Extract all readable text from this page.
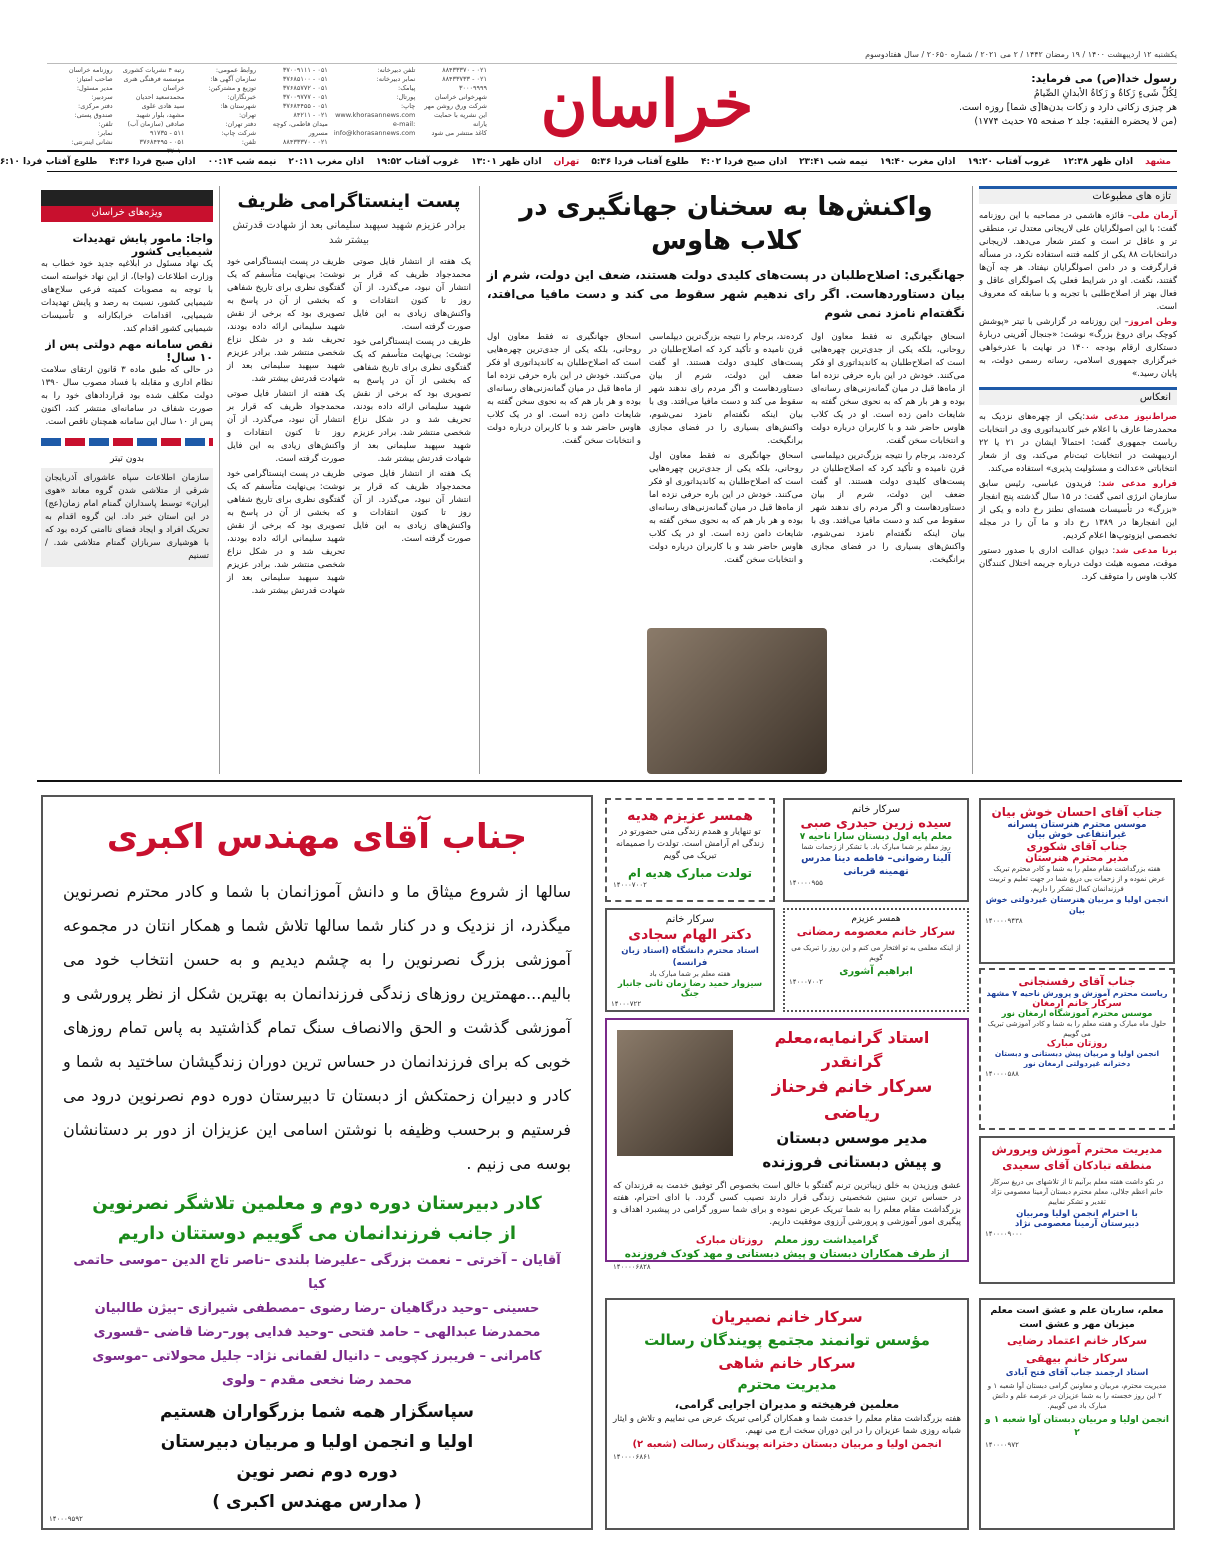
یکشنبه ۱۲ اردیبهشت ۱۴۰۰ / ۱۹ رمضان ۱۴۴۲ / ۲ می ۲۰۲۱ / شماره ۲۰۶۵۰ / سال هفتادوسوم
خراسان	رسول خدا(ص) می فرماید:
لِكُلِّ شَیءٍ زَكاةٌ و زَكاةُ الأبدانِ الصِّیامُ
هر چیزی زکاتی دارد و زکات بدن‌ها[ی شما] روزه است.
(من لا یحضره الفقیه: جلد ۲ صفحه ۷۵ حدیث ۱۷۷۴)
روزنامه خراسان
صاحب امتیاز:
مدیر مسئول:
سردبیر:
دفتر مرکزی:
صندوق پستی:
تلفن:
نمابر:
نشانی اینترنتی:
رتبه ۴ نشریات کشوری
موسسه فرهنگی هنری خراسان
محمدسعید احدیان
سید هادی علوی
مشهد، بلوار شهید صادقی (سازمان آب)
۵۱۱ - ۹۱۷۳۵
۰۵۱ - ۳۷۶۸۴۴۹۵
۳۷۰۱۰
روابط عمومی:
سازمان آگهی ها:
توزیع و مشترکین:
خبرنگاران:
شهرستان ها:
تهران:
دفتر تهران:
شرکت چاپ:
تلفن:
۰۵۱ - ۳۷۰۰۹۱۱۱
۰۵۱ - ۳۷۶۸۵۱۰۰
۰۵۱ - ۳۷۶۸۵۷۷۲
۰۵۱ - ۳۷۰۰۹۷۷۷
۰۵۱ - ۳۷۶۸۴۴۵۵
۰۲۱ - ۸۴۲۱۱
میدان فاطمی، کوچه مسرور
۰۲۱ - ۸۸۴۳۳۳۷۰
تلفن دبیرخانه:
نمابر دبیرخانه:
پیامک:
پورتال:
چاپ:
www.khorasannews.com
e-mail: info@khorasannews.com
۰۲۱ - ۸۸۴۳۳۳۷۰
۰۲۱ - ۸۸۴۳۳۷۳۳
۳۰۰۰۹۹۹۹
شهرخوانی خراسان
شرکت ورق روشن مهر
این نشریه با حمایت یارانه
کاغذ منتشر می شود
مشهد
اذان ظهر ۱۲:۳۸
غروب آفتاب ۱۹:۲۰
اذان مغرب ۱۹:۴۰
نیمه شب ۲۳:۴۱
اذان صبح فردا ۴:۰۲
طلوع آفتاب فردا ۵:۳۶
تهران
اذان ظهر ۱۳:۰۱
غروب آفتاب ۱۹:۵۲
اذان مغرب ۲۰:۱۱
نیمه شب ۰۰:۱۴
اذان صبح فردا ۴:۳۶
طلوع آفتاب فردا ۶:۱۰
تازه های مطبوعات

آرمان ملی– فائزه هاشمی در مصاحبه با این روزنامه گفت: با این اصولگرایان علی لاریجانی معتدل تر، منطقی تر و عاقل تر است و کمتر شعار می‌دهد. لاریجانی درانتخابات ۸۸ یکی از کلمه فتنه استفاده نکرد، در مسأله قرارگرفت و در دامن اصولگرایان نیفتاد. هر چه آن‌ها گفتند، نگفت. او در شرایط فعلی یک اصولگرای عاقل و فعال بهتر از اصلاح‌طلبی با تجربه و با سابقه که معروف است.

وطن امروز– این روزنامه در گزارشی با تیتر «پوشش کوچک برای دروغ بزرگ» نوشت: «جنجال آفرینی دربارۀ دستکاری ارقام بودجه ۱۴۰۰ در نهایت با عذرخواهی خبرگزاری جمهوری اسلامی، رسانه رسمی دولت، به پایان رسید.»

انعکاس

صراط‌نیوز مدعی شد:یکی از چهره‌های نزدیک به محمدرضا عارف با اعلام خبر کاندیداتوری وی در انتخابات ریاست جمهوری گفت: احتمالاً ایشان در ۲۱ یا ۲۲ اردیبهشت در انتخابات ثبت‌نام می‌کند، وی از شعار انتخاباتی «عدالت و مسئولیت پذیری» استفاده می‌کند.

فرارو مدعی شد: فریدون عباسی، رئیس سابق سازمان انرژی اتمی گفت: در ۱۵ سال گذشته پنج انفجار «بزرگ» در تأسیسات هسته‌ای نطنز رخ داده و یکی از این انفجارها در ۱۳۸۹ رخ داد و ما آن را در مجله تخصصی ایزوتوپ‌ها اعلام کردیم.

برنا مدعی شد: دیوان عدالت اداری با صدور دستور موقت، مصوبه هیئت دولت درباره جریمه اختلال کنندگان کلاب هاوس را متوقف کرد.

واکنش‌ها به سخنان جهانگیری در کلاب هاوس
جهانگیری: اصلاح‌طلبان در پست‌های کلیدی دولت هستند، ضعف این دولت، شرم از بیان دستاوردهاست. اگر رای ندهیم شهر سقوط می کند و دست مافیا می‌افتد، نگفته‌ام نامزد نمی شوم

اسحاق جهانگیری نه فقط معاون اول روحانی، بلکه یکی از جدی‌ترین چهره‌هایی است که اصلاح‌طلبان به کاندیداتوری او فکر می‌کنند. خودش در این باره حرفی نزده اما از ماه‌ها قبل در میان گمانه‌زنی‌های رسانه‌ای بوده و هر بار هم که به نحوی سخن گفته به شایعات دامن زده است. او در یک کلاب هاوس حاضر شد و با کاربران درباره دولت و انتخابات سخن گفت.

کرده‌ند، برجام را نتیجه بزرگ‌ترین دیپلماسی قرن نامیده و تأکید کرد که اصلاح‌طلبان در پست‌های کلیدی دولت هستند. او گفت ضعف این دولت، شرم از بیان دستاوردهاست و اگر مردم رای ندهند شهر سقوط می کند و دست مافیا می‌افتد. وی با بیان اینکه نگفته‌ام نامزد نمی‌شوم، واکنش‌های بسیاری را در فضای مجازی برانگیخت.

کرده‌ند، برجام را نتیجه بزرگ‌ترین دیپلماسی قرن نامیده و تأکید کرد که اصلاح‌طلبان در پست‌های کلیدی دولت هستند. او گفت ضعف این دولت، شرم از بیان دستاوردهاست و اگر مردم رای ندهند شهر سقوط می کند و دست مافیا می‌افتد. وی با بیان اینکه نگفته‌ام نامزد نمی‌شوم، واکنش‌های بسیاری را در فضای مجازی برانگیخت.

اسحاق جهانگیری نه فقط معاون اول روحانی، بلکه یکی از جدی‌ترین چهره‌هایی است که اصلاح‌طلبان به کاندیداتوری او فکر می‌کنند. خودش در این باره حرفی نزده اما از ماه‌ها قبل در میان گمانه‌زنی‌های رسانه‌ای بوده و هر بار هم که به نحوی سخن گفته به شایعات دامن زده است. او در یک کلاب هاوس حاضر شد و با کاربران درباره دولت و انتخابات سخن گفت.

اسحاق جهانگیری نه فقط معاون اول روحانی، بلکه یکی از جدی‌ترین چهره‌هایی است که اصلاح‌طلبان به کاندیداتوری او فکر می‌کنند. خودش در این باره حرفی نزده اما از ماه‌ها قبل در میان گمانه‌زنی‌های رسانه‌ای بوده و هر بار هم که به نحوی سخن گفته به شایعات دامن زده است. او در یک کلاب هاوس حاضر شد و با کاربران درباره دولت و انتخابات سخن گفت.

پست اینستاگرامی ظریف
برادر عزیزم شهید سپهبد سلیمانی بعد از شهادت قدرتش بیشتر شد

یک هفته از انتشار فایل صوتی محمدجواد ظریف که قرار بر انتشار آن نبود، می‌گذرد. از آن روز تا کنون انتقادات و واکنش‌های زیادی به این فایل صورت گرفته است.

ظریف در پست اینستاگرامی خود نوشت: بی‌نهایت متأسفم که یک گفتگوی نظری برای تاریخ شفاهی که بخشی از آن در پاسخ به تصویری بود که برخی از نقش شهید سلیمانی ارائه داده بودند، تحریف شد و در شکل نزاع شخصی منتشر شد. برادر عزیزم شهید سپهبد سلیمانی بعد از شهادت قدرتش بیشتر شد.

یک هفته از انتشار فایل صوتی محمدجواد ظریف که قرار بر انتشار آن نبود، می‌گذرد. از آن روز تا کنون انتقادات و واکنش‌های زیادی به این فایل صورت گرفته است.

ظریف در پست اینستاگرامی خود نوشت: بی‌نهایت متأسفم که یک گفتگوی نظری برای تاریخ شفاهی که بخشی از آن در پاسخ به تصویری بود که برخی از نقش شهید سلیمانی ارائه داده بودند، تحریف شد و در شکل نزاع شخصی منتشر شد. برادر عزیزم شهید سپهبد سلیمانی بعد از شهادت قدرتش بیشتر شد.

یک هفته از انتشار فایل صوتی محمدجواد ظریف که قرار بر انتشار آن نبود، می‌گذرد. از آن روز تا کنون انتقادات و واکنش‌های زیادی به این فایل صورت گرفته است.

ظریف در پست اینستاگرامی خود نوشت: بی‌نهایت متأسفم که یک گفتگوی نظری برای تاریخ شفاهی که بخشی از آن در پاسخ به تصویری بود که برخی از نقش شهید سلیمانی ارائه داده بودند، تحریف شد و در شکل نزاع شخصی منتشر شد. برادر عزیزم شهید سپهبد سلیمانی بعد از شهادت قدرتش بیشتر شد.

ویژه‌های خراسان
واجا: مامور پایش تهدیدات شیمیایی کشور

یک نهاد مسئول در ابلاغیه جدید خود خطاب به وزارت اطلاعات (واجا)، از این نهاد خواسته است با توجه به مصوبات کمیته فرعی سلاح‌های شیمیایی کشور، نسبت به رصد و پایش تهدیدات شیمیایی، اقدامات خرابکارانه و تأسیسات شیمیایی کشور اقدام کند.

نقص سامانه مهم دولتی پس از ۱۰ سال!

در حالی که طبق ماده ۳ قانون ارتقای سلامت نظام اداری و مقابله با فساد مصوب سال ۱۳۹۰ دولت مکلف شده بود قراردادهای خود را به صورت شفاف در سامانه‌ای منتشر کند، اکنون پس از ۱۰ سال این سامانه همچنان ناقص است.

بدون تیتر

سازمان اطلاعات سپاه عاشورای آذربایجان شرقی از متلاشی شدن گروه معاند «هوی ایران» توسط پاسداران گمنام امام زمان(عج) در این استان خبر داد. این گروه اقدام به تحریک افراد و ایجاد فضای ناامنی کرده بود که با هوشیاری سربازان گمنام متلاشی شد. /تسنیم

جناب آقای مهندس اکبری
سالها از شروع میثاق ما و دانش آموزانمان با شما و کادر محترم نصرنوین میگذرد، از نزدیک و در کنار شما سالها تلاش شما و همکار انتان در مجموعه آموزشی بزرگ نصرنوین را به چشم دیدیم و به حسن انتخاب خود می بالیم...مهمترین روزهای زندگی فرزندانمان به بهترین شکل از نظر پرورشی و آموزشی گذشت و الحق والانصاف سنگ تمام گذاشتید به پاس تمام روزهای خوبی که برای فرزندانمان در حساس ترین دوران زندگیشان ساختید به شما و کادر و دبیران زحمتکش از دبستان تا دبیرستان دوره دوم نصرنوین درود می فرستیم و برحسب وظیفه با نوشتن اسامی این عزیزان از دور بر دستانشان بوسه می زنیم .
کادر دبیرستان دوره دوم و معلمین تلاشگر نصرنوین
از جانب فرزندانمان می گوییم دوستتان داریم
آقایان – آخرتی – نعمت بزرگی –علیرضا بلندی –ناصر تاج الدین –موسی حاتمی کیا
حسینی –وحید درگاهیان –رضا رضوی –مصطفی شیرازی –بیژن طالبیان
محمدرضا عبدالهی – حامد فتحی –وحید فدایی پور–رضا قاضی –قسوری
کامرانی – فریبرز کچویی – دانیال لقمانی نژاد– جلیل محولاتی –موسوی
محمد رضا نخعی مقدم – ولوی
سپاسگزار همه شما بزرگواران هستیم
اولیا و انجمن اولیا و مربیان دبیرستان
دوره دوم نصر نوین
( مدارس مهندس اکبری )
۱۴۰۰۰۹۵۹۲
همسر عزیزم هدیه
تو تنهایار و همدم زندگی منی حضورتو در زندگی ام آرامش است. تولدت را صمیمانه تبریک می گویم
تولدت مبارک هدیه ام
۱۴۰۰۰۷۰۰۲
سرکار خانم
سیده زرین حیدری صبی
معلم پایه اول دبستان سارا ناحیه ۷
روز معلم بر شما مبارک باد. با تشکر از زحمات شما
آلینا رضوانی– فاطمه دینا مدرس تهمینه قربانی
۱۴۰۰۰۰۹۵۵
جناب آقای احسان خوش بیان
موسس محترم هنرستان پسرانه غیرانتفاعی خوش بیان
جناب آقای شکوری
مدیر محترم هنرستان
هفته بزرگداشت مقام معلم را به شما و کادر محترم تبریک عرض نموده و از زحمات بی دریغ شما در جهت تعلیم و تربیت فرزندانمان کمال تشکر را داریم.
انجمن اولیا و مربیان هنرستان غیردولتی خوش بیان
۱۴۰۰۰۰۹۴۳۸
سرکار خانم
دکتر الهام سجادی
استاد محترم دانشگاه (استاد زبان فرانسه)
هفته معلم بر شما مبارک باد
سیزوار حمید رضا زمان ثانی جانبار جنگ
۱۴۰۰۰۷۲۲
همسر عزیزم
سرکار خانم معصومه رمضانی
از اینکه معلمی به تو افتخار می کنم و این روز را تبریک می گویم
ابراهیم آشوری
۱۴۰۰۰۷۰۰۲	جناب آقای رفسنجانی
ریاست محترم آموزش و پرورش ناحیه ۷ مشهد
سرکار خانم ارمغان
موسس محترم آموزشگاه ارمغان نور
حلول ماه مبارک و هفته معلم را به شما و کادر آموزشی تبریک می گوییم
روزتان مبارک
انجمن اولیا و مربیان پیش دبستانی و دبستان دخترانه غیردولتی ارمغان نور
۱۴۰۰۰۰۵۸۸
استاد گرانمایه،معلم گرانقدر
سرکار خانم فرحناز ریاضی
مدیر موسس دبستان
و پیش دبستانی فروزنده
عشق ورزیدن به خلق زیباترین ترنم گفتگو با خالق است بخصوص اگر توفیق خدمت به فرزندان که در حساس ترین سنین شخصیتی زندگی قرار دارند نصیب کسی گردد. با ادای احترام، هفته بزرگداشت مقام معلم را به شما تبریک عرض نموده و برای شما سرور گرامی در پیشبرد اهداف و پیگیری امور آموزشی و پرورشی آرزوی موفقیت داریم.
گرامیداشت روز معلم روزتان مبارک
از طرف همکاران دبستان و پیش دبستانی و مهد کودک فروزنده
۱۴۰۰۰۰۶۸۲۸
مدیریت محترم آموزش وپرورش منطقه تبادکان آقای سعیدی
در نکو داشت هفته معلم برآنیم تا از تلاشهای بی دریغ سرکار خانم اعظم جلالی، معلم محترم دبستان آرمینا معصومی نژاد تقدیر و تشکر نماییم
با احترام انجمن اولیا ومربیان
دبیرستان آرمینا معصومی نژاد
۱۴۰۰۰۰۹۰۰۰
سرکار خانم نصیریان
مؤسس توانمند مجتمع پویندگان رسالت
سرکار خانم شاهی
مدیریت محترم
معلمین فرهیخته و مدیران اجرایی گرامی،
هفته بزرگداشت مقام معلم را خدمت شما و همکاران گرامی تبریک عرض می نماییم و تلاش و ایثار شبانه روزی شما عزیزان را در این دوران سخت ارج می نهیم.
انجمن اولیا و مربیان دبستان دخترانه پویندگان رسالت (شعبه ۲)
۱۴۰۰۰۰۶۸۶۱
معلم، ساربان علم و عشق است معلم میزبان مهر و عشق است
سرکار خانم اعتماد رضایی
سرکار خانم بیهقی
استاد ارجمند جناب آقای فتح آبادی
مدیریت محترم، مربیان و معاونین گرامی دبستان آوا شعبه ۱ و ۲ این روز خجسته را به شما عزیزان در عرصه علم و دانش مبارک باد می گوییم.
انجمن اولیا و مربیان دبستان آوا شعبه ۱ و ۲
۱۴۰۰۰۰۹۷۲
